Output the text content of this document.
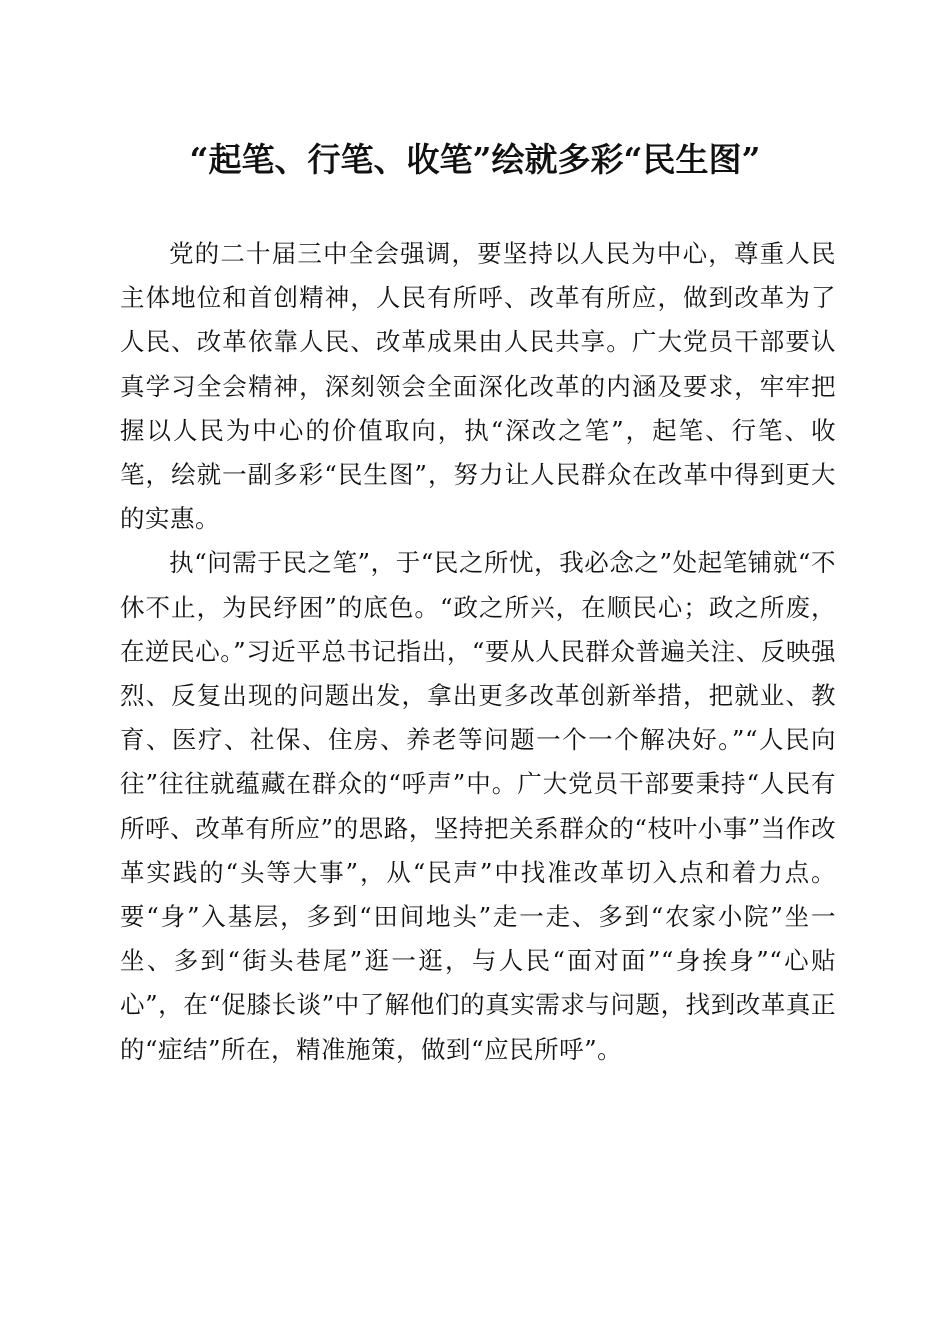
“起笔、行笔、收笔”绘就多彩“民生图”

党的二十届三中全会强调，要坚持以人民为中心，尊重人民主体地位和首创精神，人民有所呼、改革有所应，做到改革为了人民、改革依靠人民、改革成果由人民共享。广大党员干部要认真学习全会精神，深刻领会全面深化改革的内涵及要求，牢牢把握以人民为中心的价值取向，执“深改之笔”，起笔、行笔、收笔，绘就一副多彩“民生图”，努力让人民群众在改革中得到更大的实惠。

执“问需于民之笔”，于“民之所忧，我必念之”处起笔铺就“不休不止，为民纾困”的底色。“政之所兴，在顺民心；政之所废，在逆民心。”习近平总书记指出，“要从人民群众普遍关注、反映强烈、反复出现的问题出发，拿出更多改革创新举措，把就业、教育、医疗、社保、住房、养老等问题一个一个解决好。”“人民向往”往往就蕴藏在群众的“呼声”中。广大党员干部要秉持“人民有所呼、改革有所应”的思路，坚持把关系群众的“枝叶小事”当作改革实践的“头等大事”，从“民声”中找准改革切入点和着力点。要“身”入基层，多到“田间地头”走一走、多到“农家小院”坐一坐、多到“街头巷尾”逛一逛，与人民“面对面”“身挨身”“心贴心”，在“促膝长谈”中了解他们的真实需求与问题，找到改革真正的“症结”所在，精准施策，做到“应民所呼”。
